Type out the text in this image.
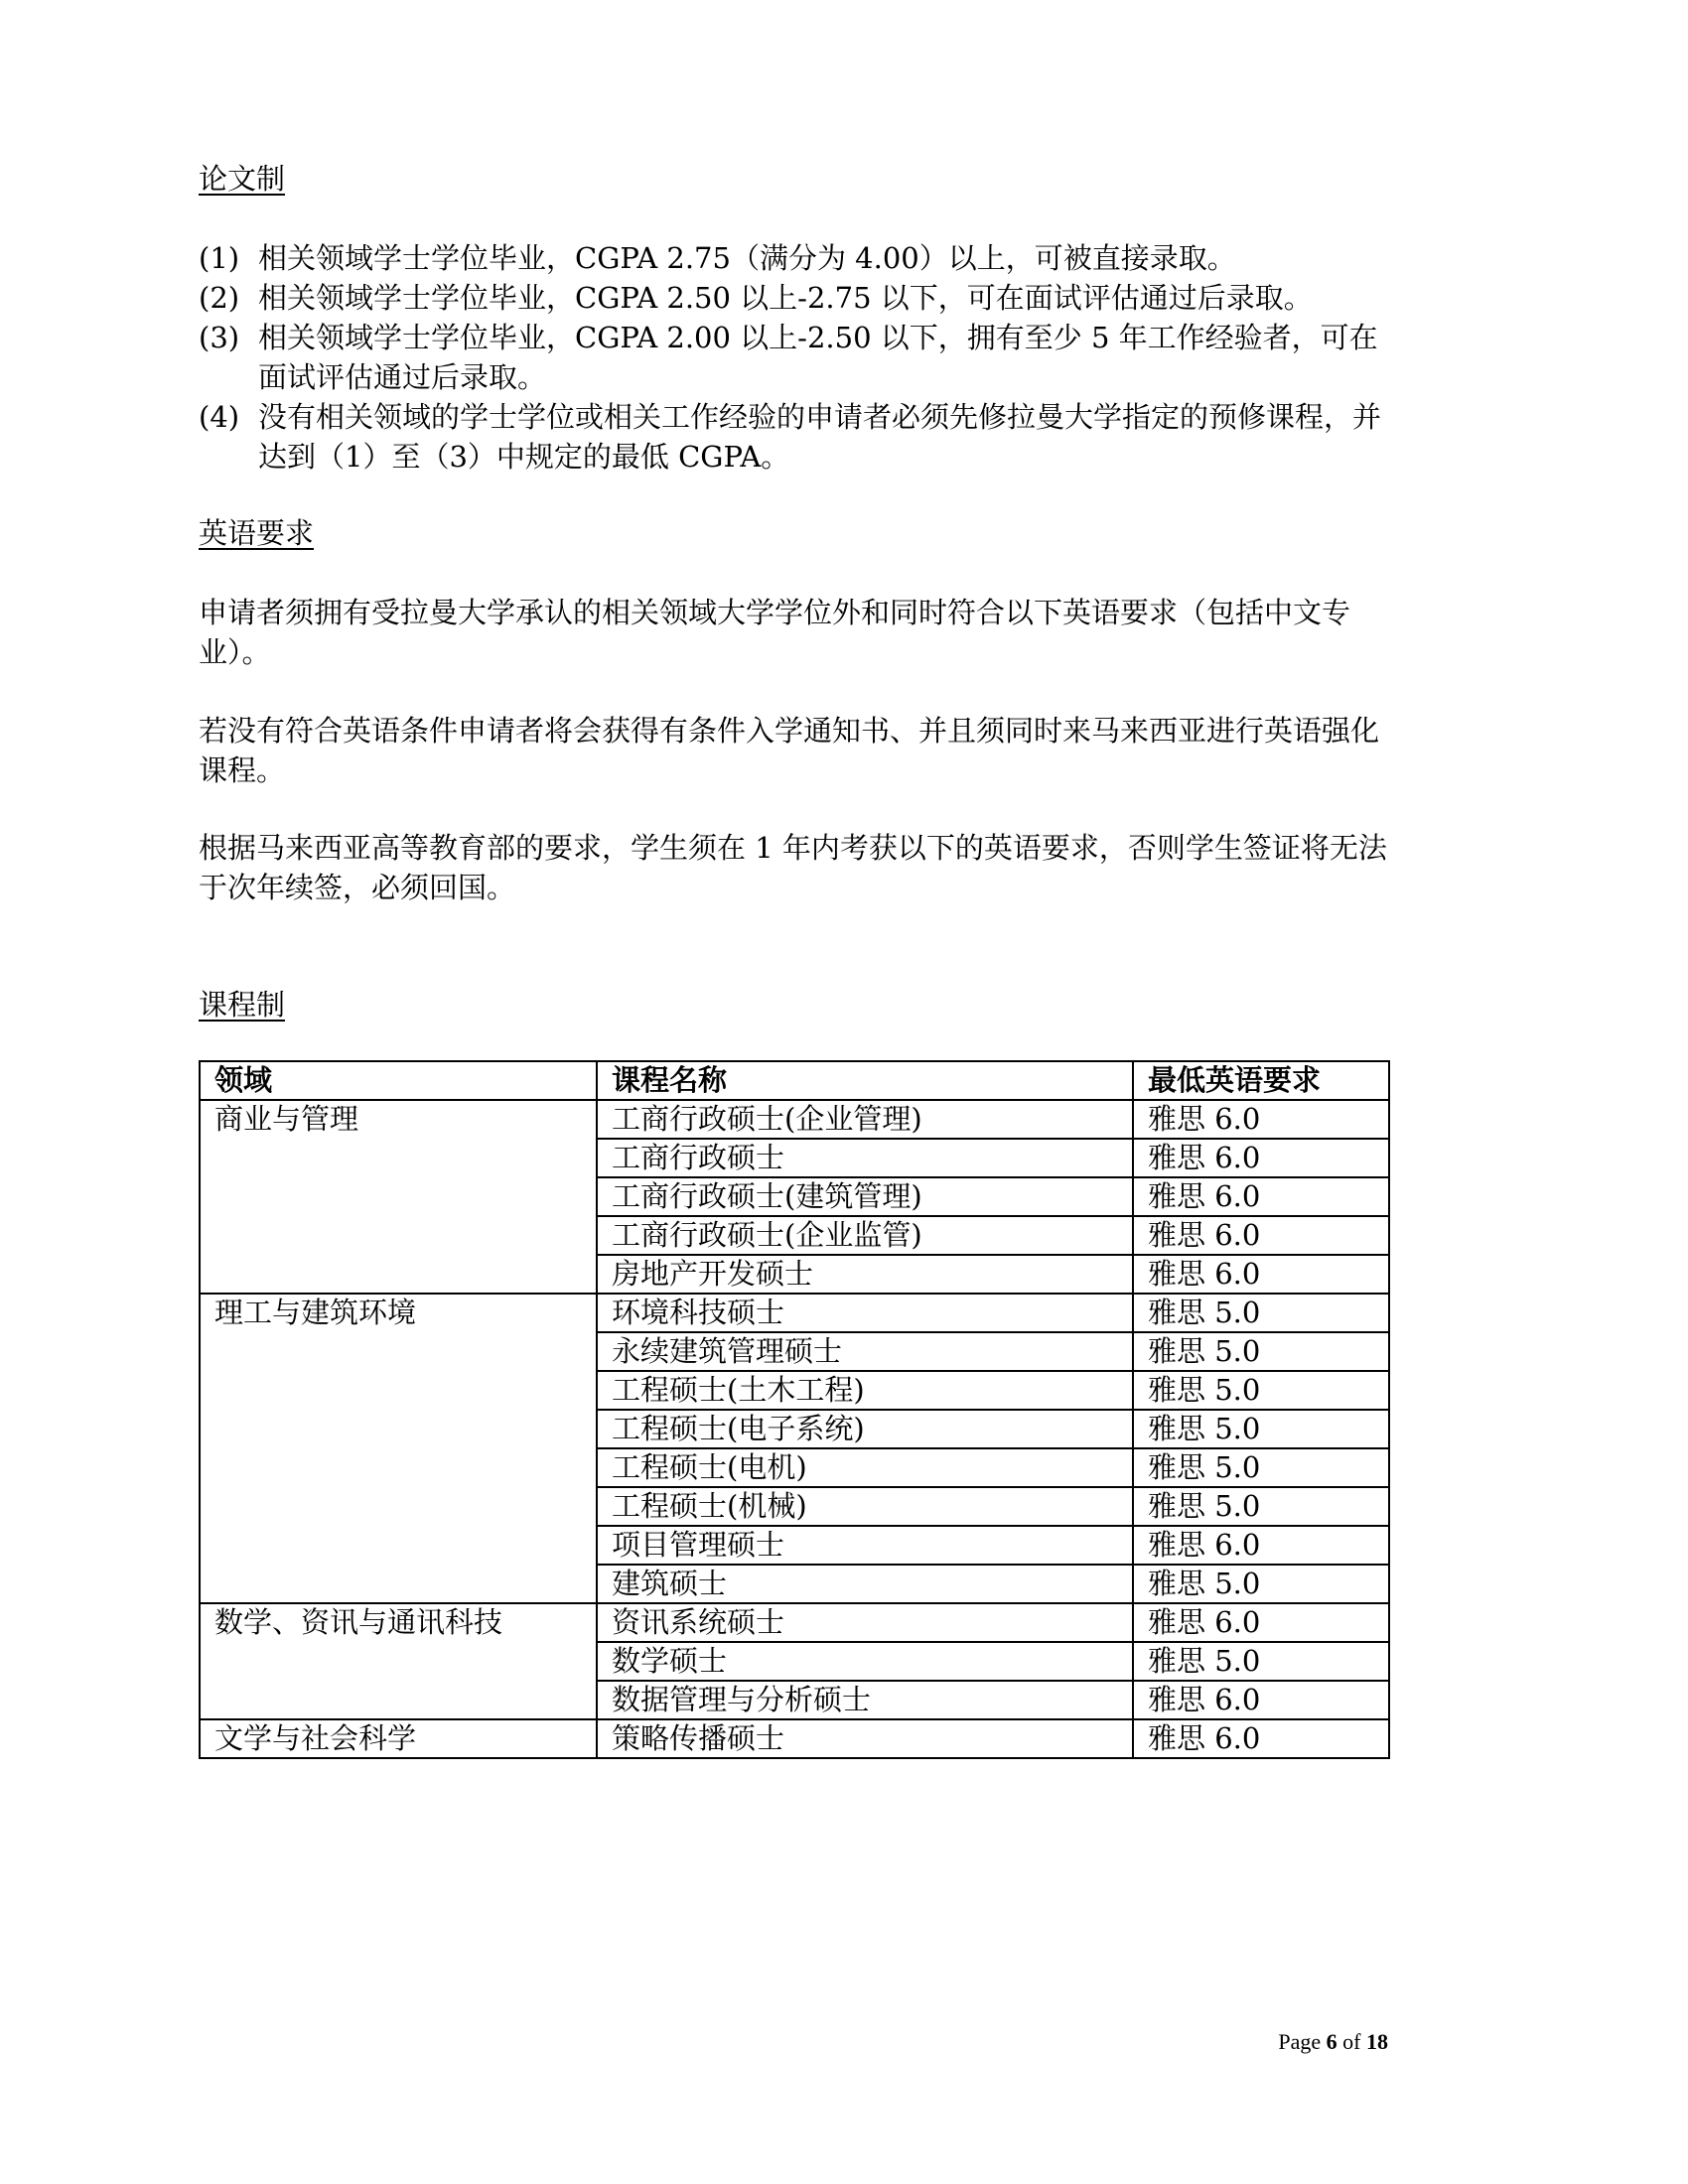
论文制
(1) 相关领域学士学位毕业，CGPA 2.75（满分为 4.00）以上，可被直接录取。
(2) 相关领域学士学位毕业，CGPA 2.50 以上-2.75 以下，可在面试评估通过后录取。
(3) 相关领域学士学位毕业，CGPA 2.00 以上-2.50 以下，拥有至少 5 年工作经验者，可在面试评估通过后录取。
(4) 没有相关领域的学士学位或相关工作经验的申请者必须先修拉曼大学指定的预修课程，并达到（1）至（3）中规定的最低 CGPA。
英语要求

申请者须拥有受拉曼大学承认的相关领域大学学位外和同时符合以下英语要求（包括中文专业）。

若没有符合英语条件申请者将会获得有条件入学通知书、并且须同时来马来西亚进行英语强化课程。

根据马来西亚高等教育部的要求，学生须在 1 年内考获以下的英语要求，否则学生签证将无法于次年续签，必须回国。

课程制
领域	课程名称	最低英语要求
商业与管理	工商行政硕士(企业管理)	雅思 6.0
	工商行政硕士	雅思 6.0
	工商行政硕士(建筑管理)	雅思 6.0
	工商行政硕士(企业监管)	雅思 6.0
	房地产开发硕士	雅思 6.0
理工与建筑环境	环境科技硕士	雅思 5.0
	永续建筑管理硕士	雅思 5.0
	工程硕士(土木工程)	雅思 5.0
	工程硕士(电子系统)	雅思 5.0
	工程硕士(电机)	雅思 5.0
	工程硕士(机械)	雅思 5.0
	项目管理硕士	雅思 6.0
	建筑硕士	雅思 5.0
数学、资讯与通讯科技	资讯系统硕士	雅思 6.0
	数学硕士	雅思 5.0
	数据管理与分析硕士	雅思 6.0
文学与社会科学	策略传播硕士	雅思 6.0
Page 6 of 18
